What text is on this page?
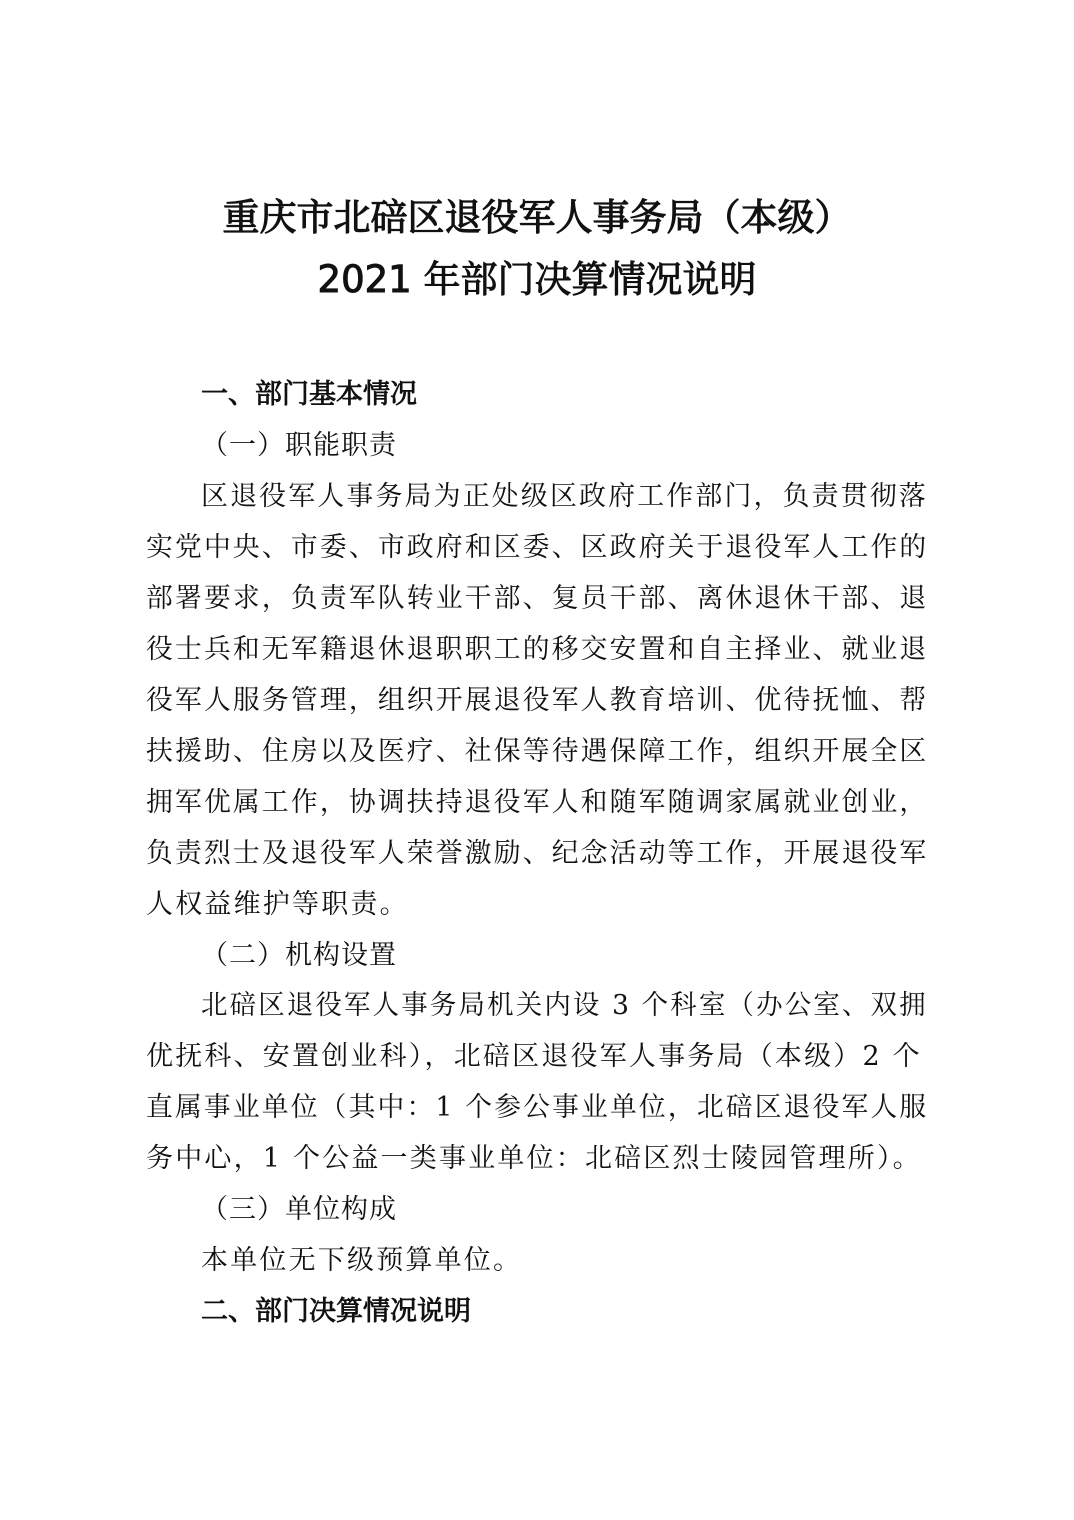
重庆市北碚区退役军人事务局（本级）
2021 年部门决算情况说明
一、部门基本情况
（一）职能职责
区退役军人事务局为正处级区政府工作部门，负责贯彻落
实党中央、市委、市政府和区委、区政府关于退役军人工作的
部署要求，负责军队转业干部、复员干部、离休退休干部、退
役士兵和无军籍退休退职职工的移交安置和自主择业、就业退
役军人服务管理，组织开展退役军人教育培训、优待抚恤、帮
扶援助、住房以及医疗、社保等待遇保障工作，组织开展全区
拥军优属工作，协调扶持退役军人和随军随调家属就业创业，
负责烈士及退役军人荣誉激励、纪念活动等工作，开展退役军
人权益维护等职责。
（二）机构设置
北碚区退役军人事务局机关内设 3 个科室（办公室、双拥
优抚科、安置创业科），北碚区退役军人事务局（本级）2 个
直属事业单位（其中：1 个参公事业单位，北碚区退役军人服
务中心，1 个公益一类事业单位：北碚区烈士陵园管理所）。
（三）单位构成
本单位无下级预算单位。
二、部门决算情况说明
